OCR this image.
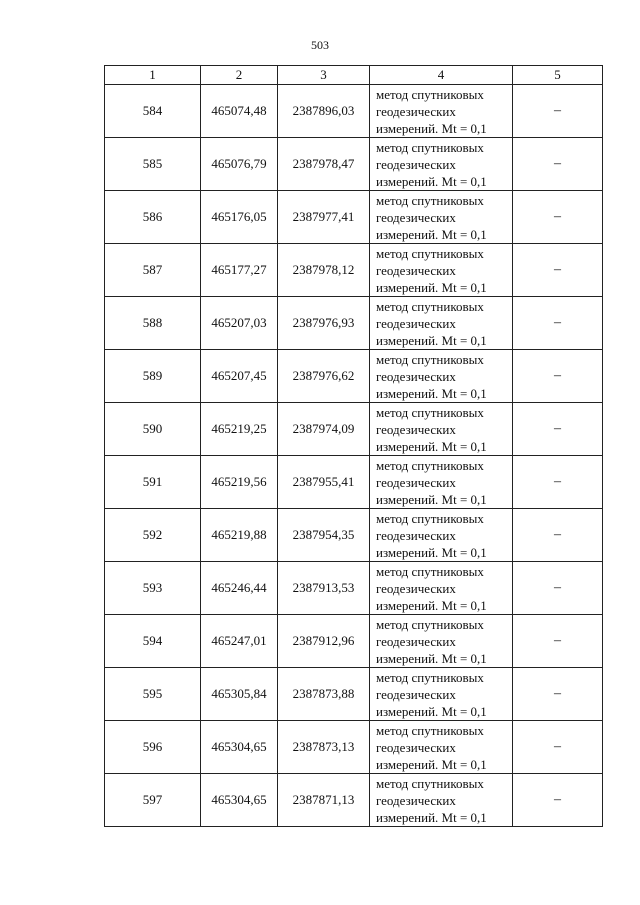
503
1	2	3	4	5
584	465074,48	2387896,03	метод спутниковых
геодезических
измерений. Mt = 0,1	–
585	465076,79	2387978,47	метод спутниковых
геодезических
измерений. Mt = 0,1	–
586	465176,05	2387977,41	метод спутниковых
геодезических
измерений. Mt = 0,1	–
587	465177,27	2387978,12	метод спутниковых
геодезических
измерений. Mt = 0,1	–
588	465207,03	2387976,93	метод спутниковых
геодезических
измерений. Mt = 0,1	–
589	465207,45	2387976,62	метод спутниковых
геодезических
измерений. Mt = 0,1	–
590	465219,25	2387974,09	метод спутниковых
геодезических
измерений. Mt = 0,1	–
591	465219,56	2387955,41	метод спутниковых
геодезических
измерений. Mt = 0,1	–
592	465219,88	2387954,35	метод спутниковых
геодезических
измерений. Mt = 0,1	–
593	465246,44	2387913,53	метод спутниковых
геодезических
измерений. Mt = 0,1	–
594	465247,01	2387912,96	метод спутниковых
геодезических
измерений. Mt = 0,1	–
595	465305,84	2387873,88	метод спутниковых
геодезических
измерений. Mt = 0,1	–
596	465304,65	2387873,13	метод спутниковых
геодезических
измерений. Mt = 0,1	–
597	465304,65	2387871,13	метод спутниковых
геодезических
измерений. Mt = 0,1	–
